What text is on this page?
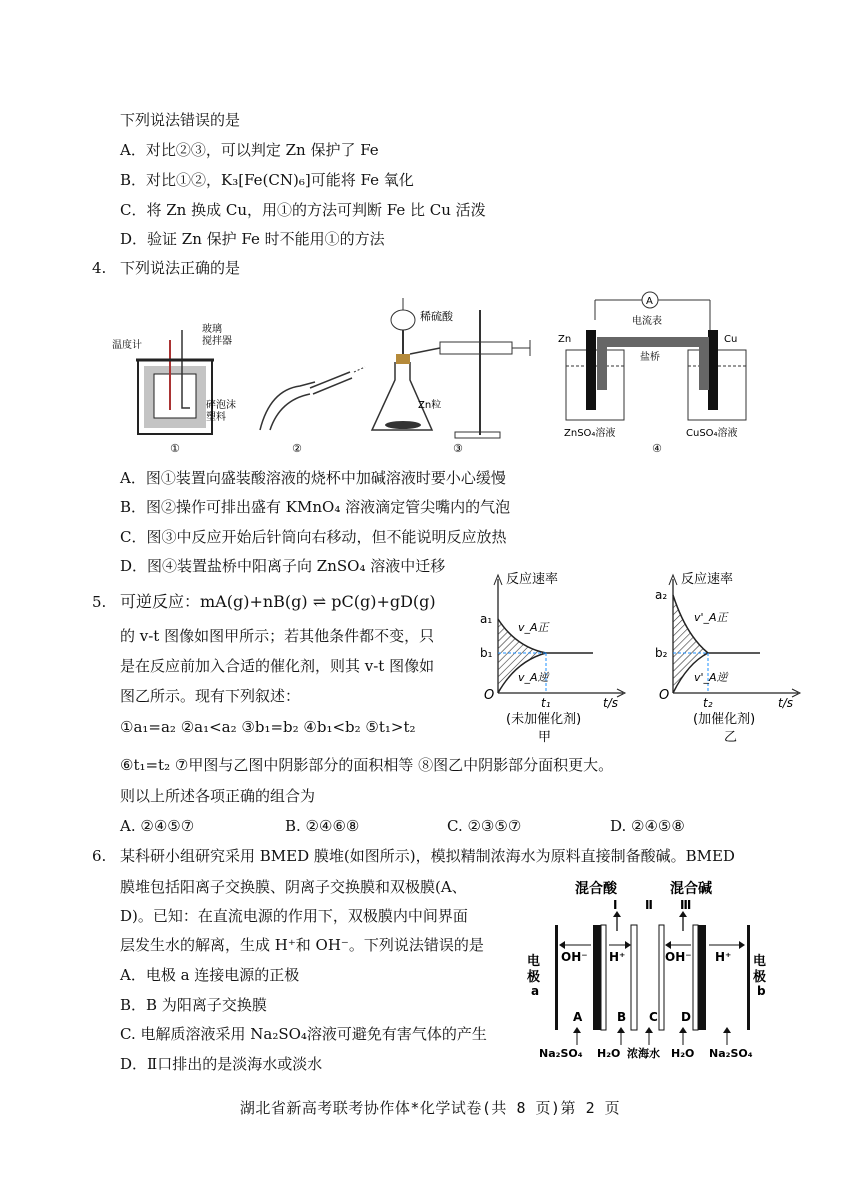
下列说法错误的是
A．对比②③，可以判定 Zn 保护了 Fe
B．对比①②，K₃[Fe(CN)₆]可能将 Fe 氧化
C．将 Zn 换成 Cu，用①的方法可判断 Fe 比 Cu 活泼
D．验证 Zn 保护 Fe 时不能用①的方法
4. 下列说法正确的是
温度计
玻璃
搅拌器
碎泡沫
塑料
①	②
稀硫酸
Zn粒
③
A
电流表
Zn	Cu
盐桥
ZnSO₄溶液	CuSO₄溶液
④
A．图①装置向盛装酸溶液的烧杯中加碱溶液时要小心缓慢
B．图②操作可排出盛有 KMnO₄ 溶液滴定管尖嘴内的气泡
C．图③中反应开始后针筒向右移动，但不能说明反应放热
D．图④装置盐桥中阳离子向 ZnSO₄ 溶液中迁移
5. 可逆反应：mA(g)+nB(g) ⇌ pC(g)+gD(g)
的 v-t 图像如图甲所示；若其他条件都不变，只
是在反应前加入合适的催化剂，则其 v-t 图像如
图乙所示。现有下列叙述：
①a₁=a₂ ②a₁<a₂ ③b₁=b₂ ④b₁<b₂ ⑤t₁>t₂
⑥t₁=t₂ ⑦甲图与乙图中阴影部分的面积相等 ⑧图乙中阴影部分面积更大。
则以上所述各项正确的组合为
A. ②④⑤⑦	B. ②④⑥⑧	C. ②③⑤⑦	D. ②④⑤⑧
反应速率
a₁
b₁
v_A正
v_A逆
O	t₁	t/s
(未加催化剂)
甲
反应速率
a₂
b₂
v'_A正
v'_A逆
O	t₂	t/s
(加催化剂)
乙
6. 某科研小组研究采用 BMED 膜堆(如图所示)，模拟精制浓海水为原料直接制备酸碱。BMED
膜堆包括阳离子交换膜、阴离子交换膜和双极膜(A、
D)。已知：在直流电源的作用下，双极膜内中间界面
层发生水的解离，生成 H⁺和 OH⁻。下列说法错误的是
A．电极 a 连接电源的正极
B．B 为阳离子交换膜
C. 电解质溶液采用 Na₂SO₄溶液可避免有害气体的产生
D．Ⅱ口排出的是淡海水或淡水
混合酸	混合碱
Ⅰ Ⅱ Ⅲ
电
极
a
电
极
b
OH⁻ H⁺	OH⁻ H⁺
A	B C D
Na₂SO₄ H₂O 浓海水 H₂O Na₂SO₄
湖北省新高考联考协作体*化学试卷(共 8 页)第 2 页
